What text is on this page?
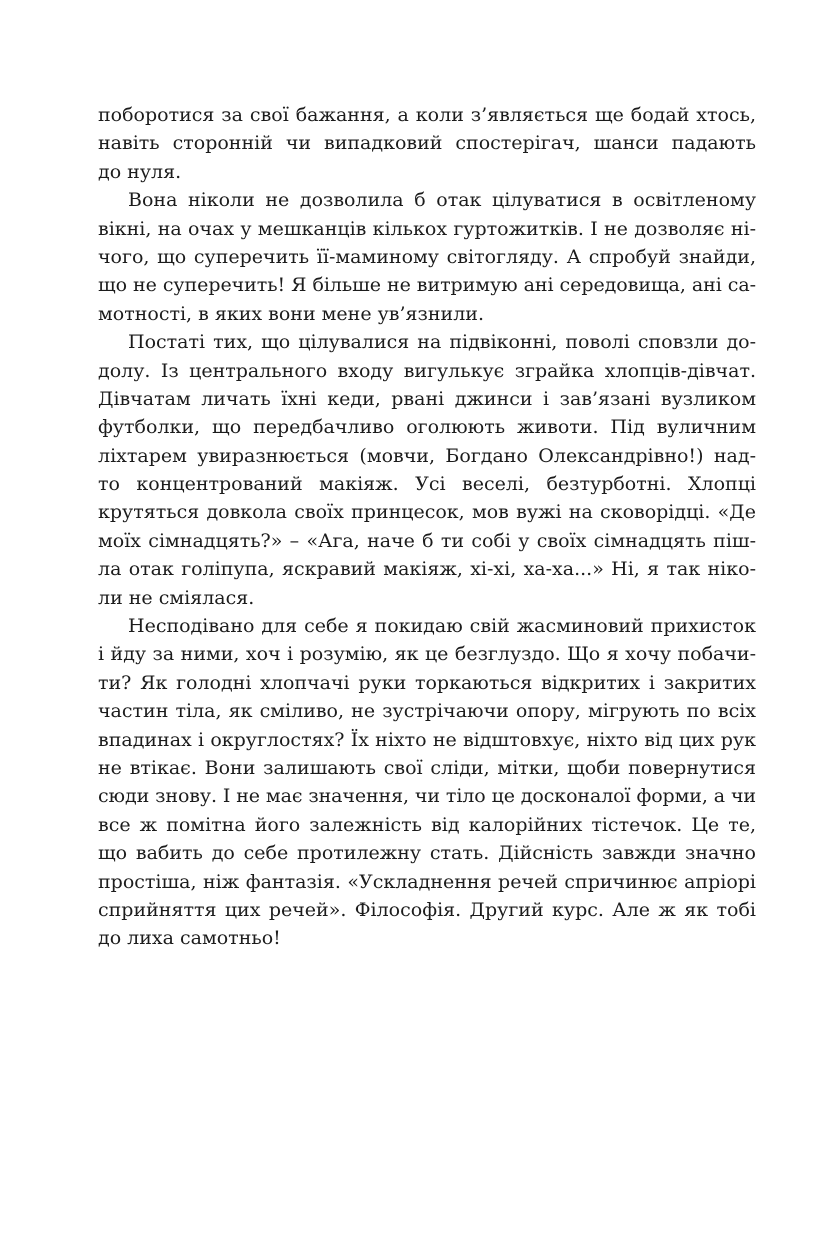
поборотися за свої бажання, а коли з’являється ще бодай хтось,
навіть сторонній чи випадковий спостерігач, шанси падають
до нуля.
Вона ніколи не дозволила б отак цілуватися в освітленому
вікні, на очах у мешканців кількох гуртожитків. І не дозволяє ні-
чого, що суперечить її-маминому світогляду. А спробуй знайди,
що не суперечить! Я більше не витримую ані середовища, ані са-
мотності, в яких вони мене ув’язнили.
Постаті тих, що цілувалися на підвіконні, поволі сповзли до-
долу. Із центрального входу вигулькує зграйка хлопців-дівчат.
Дівчатам личать їхні кеди, рвані джинси і зав’язані вузликом
футболки, що передбачливо оголюють животи. Під вуличним
ліхтарем увиразнюється (мовчи, Богдано Олександрівно!) над-
то концентрований макіяж. Усі веселі, безтурботні. Хлопці
крутяться довкола своїх принцесок, мов вужі на сковорідці. «Де
моїх сімнадцять?» – «Ага, наче б ти собі у своїх сімнадцять піш-
ла отак голіпупа, яскравий макіяж, хі-хі, ха-ха...» Ні, я так ніко-
ли не сміялася.
Несподівано для себе я покидаю свій жасминовий прихисток
і йду за ними, хоч і розумію, як це безглуздо. Що я хочу побачи-
ти? Як голодні хлопчачі руки торкаються відкритих і закритих
частин тіла, як сміливо, не зустрічаючи опору, мігрують по всіх
впадинах і округлостях? Їх ніхто не відштовхує, ніхто від цих рук
не втікає. Вони залишають свої сліди, мітки, щоби повернутися
сюди знову. І не має значення, чи тіло це досконалої форми, а чи
все ж помітна його залежність від калорійних тістечок. Це те,
що вабить до себе протилежну стать. Дійсність завжди значно
простіша, ніж фантазія. «Ускладнення речей спричинює апріорі
сприйняття цих речей». Філософія. Другий курс. Але ж як тобі
до лиха самотньо!
